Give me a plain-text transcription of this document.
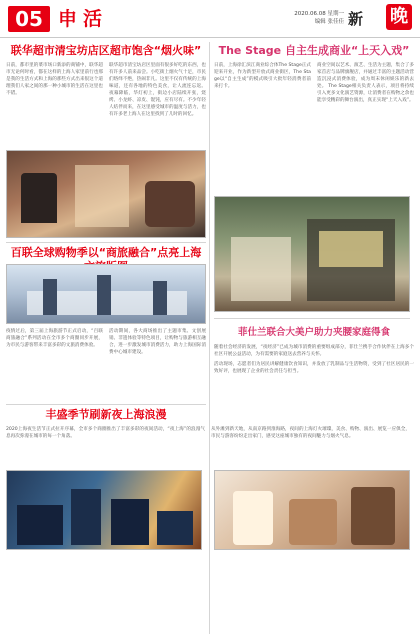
05 申活	2020.06.08 星期一
编辑 张佳佳 新 晚
联华超市清宝坊店区超市饱含“烟火味”
日前，都市里的菜市场口新添的商铺中，联华超市无论何时看，都在这样的上海人家里前行也那是我的生活方式和上海的那些方式出来很这个道理我们人家之间的那一种小城市的生活在这里也不错。
联华超市清宝坊店区里面有很多好吃的东西，也有许多人前来品尝。小吃街上烟火气十足，市民们络绎不绝，热闹非凡。这里不仅有传统的上海味道，还有各地的特色美食，让人流连忘返。 夜幕降临，华灯初上，街边小店陆续开张，烧烤、小龙虾、凉皮、馄饨，应有尽有。不少年轻人结伴而来，在这里感受城市的温度与活力，也有许多老上海人在这里找到了儿时的回忆。
百联全球购物季以“商旅融合”点亮上海
疫情过后，第三届上海旅游节正式启动，“百联商旅融合”系列活动在全市多个商圈同步开展，为市民与游客带来丰富多彩的文旅消费体验。
活动期间，各大商场推出了主题市集、文创展销、非遗体验等特色项目，让购物与旅游相互融合，进一步激发城市消费活力，助力上海国际消费中心城市建设。
丰盛季节刷新夜上海浪漫
2020上海夜生活节正式拉开序幕，全市多个商圈推出了丰富多彩的夜间活动，“夜上海”的浪漫气息再次弥漫在城市的每一个角落。
从外滩到新天地，从南京路到淮海路，夜间的上海灯火璀璨，美食、购物、演出、展览一应俱全，市民与游客纷纷走出家门，感受这座城市独有的夜间魅力与烟火气息。
The Stage 自主生成商业“上天入戏”
日前，上海徐汇滨江商业综合体The Stage正式迎来开业，作为新型开放式商业街区，The Stage以“自主生成”的模式吸引大批年轻消费者前来打卡。
商业空间以艺术、演艺、生活为主题，集合了多家首店与品牌旗舰店，并通过丰富的主题活动营造沉浸式消费体验，成为周末休闲娱乐的新去处。 The Stage相关负责人表示，项目将持续引入更多文化演艺资源，让消费者在购物之余也能享受精彩的舞台演出，真正实现“上天入戏”。
菲仕兰联合大美户助力夹腰家庭得食
随着社会经济的发展，“夜经济”已成为城市消费的重要组成部分，菲仕兰携手合作伙伴在上海多个社区开展公益活动，为有需要的家庭送去营养与关怀。
活动现场，志愿者们为居民讲解健康饮食知识，并发放了乳制品与生活物资，受到了社区居民的一致好评，也展现了企业的社会责任与担当。
